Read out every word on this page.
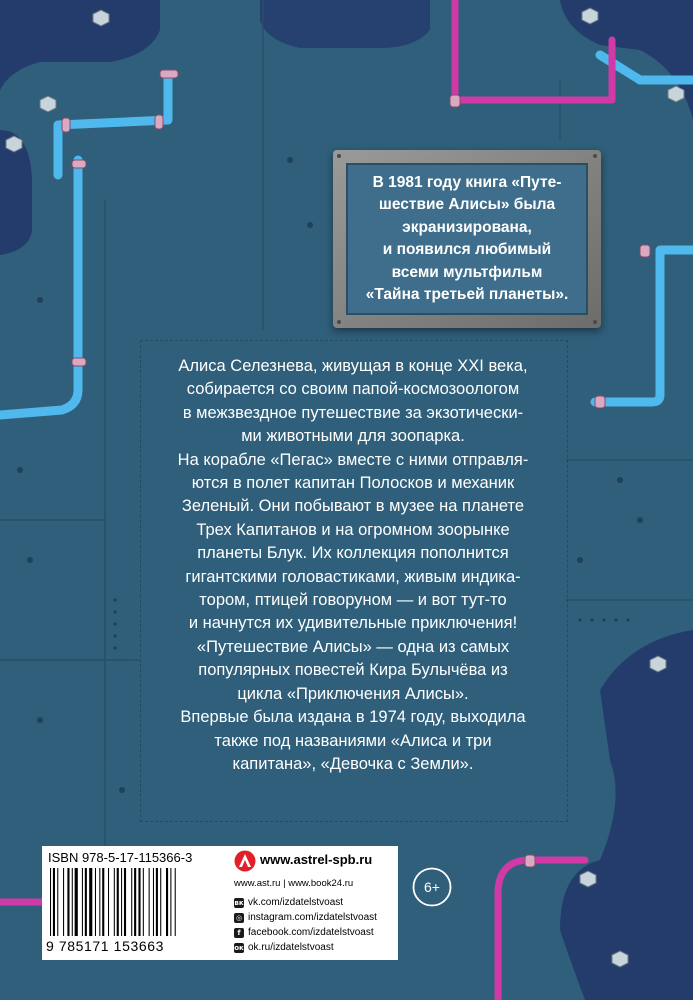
В 1981 году книга «Путе-
шествие Алисы» была
экранизирована,
и появился любимый
всеми мультфильм
«Тайна третьей планеты».

Алиса Селезнева, живущая в конце XXI века,

собирается со своим папой-космозоологом

в межзвездное путешествие за экзотически-

ми животными для зоопарка.

На корабле «Пегас» вместе с ними отправля-

ются в полет капитан Полосков и механик

Зеленый. Они побывают в музее на планете

Трех Капитанов и на огромном зоорынке

планеты Блук. Их коллекция пополнится

гигантскими головастиками, живым индика-

тором, птицей говоруном — и вот тут-то

и начнутся их удивительные приключения!

«Путешествие Алисы» — одна из самых

популярных повестей Кира Булычёва из

цикла «Приключения Алисы».

Впервые была издана в 1974 году, выходила

также под названиями «Алиса и три

капитана», «Девочка с Земли».

ISBN 978-5-17-115366-3
9 785171 153663
www.astrel-spb.ru
www.ast.ru | www.book24.ru
вк vk.com/izdatelstvoast
◎ instagram.com/izdatelstvoast
f facebook.com/izdatelstvoast
ок ok.ru/izdatelstvoast
6+
